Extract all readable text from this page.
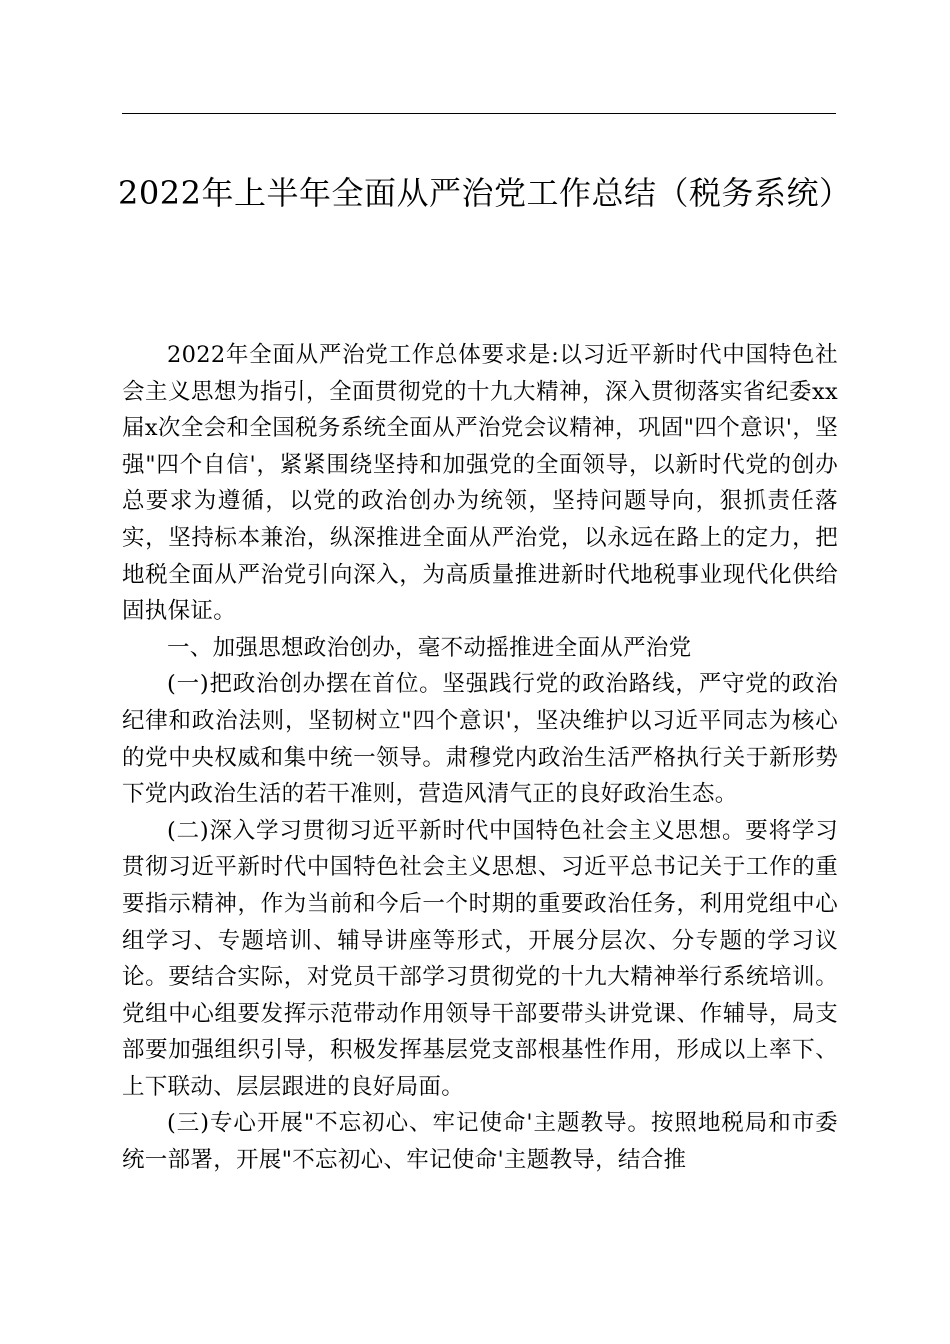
2022年上半年全面从严治党工作总结（税务系统）

2022年全面从严治党工作总体要求是:以习近平新时代中国特色社会主义思想为指引，全面贯彻党的十九大精神，深入贯彻落实省纪委xx届x次全会和全国税务系统全面从严治党会议精神，巩固"四个意识'，坚强"四个自信'，紧紧围绕坚持和加强党的全面领导，以新时代党的创办总要求为遵循，以党的政治创办为统领，坚持问题导向，狠抓责任落实，坚持标本兼治，纵深推进全面从严治党，以永远在路上的定力，把地税全面从严治党引向深入，为高质量推进新时代地税事业现代化供给固执保证。

一、加强思想政治创办，毫不动摇推进全面从严治党

(一)把政治创办摆在首位。坚强践行党的政治路线，严守党的政治纪律和政治法则，坚韧树立"四个意识'，坚决维护以习近平同志为核心的党中央权威和集中统一领导。肃穆党内政治生活严格执行关于新形势下党内政治生活的若干准则，营造风清气正的良好政治生态。

(二)深入学习贯彻习近平新时代中国特色社会主义思想。要将学习贯彻习近平新时代中国特色社会主义思想、习近平总书记关于工作的重要指示精神，作为当前和今后一个时期的重要政治任务，利用党组中心组学习、专题培训、辅导讲座等形式，开展分层次、分专题的学习议论。要结合实际，对党员干部学习贯彻党的十九大精神举行系统培训。党组中心组要发挥示范带动作用领导干部要带头讲党课、作辅导，局支部要加强组织引导，积极发挥基层党支部根基性作用，形成以上率下、上下联动、层层跟进的良好局面。

(三)专心开展"不忘初心、牢记使命'主题教导。按照地税局和市委统一部署，开展"不忘初心、牢记使命'主题教导，结合推
